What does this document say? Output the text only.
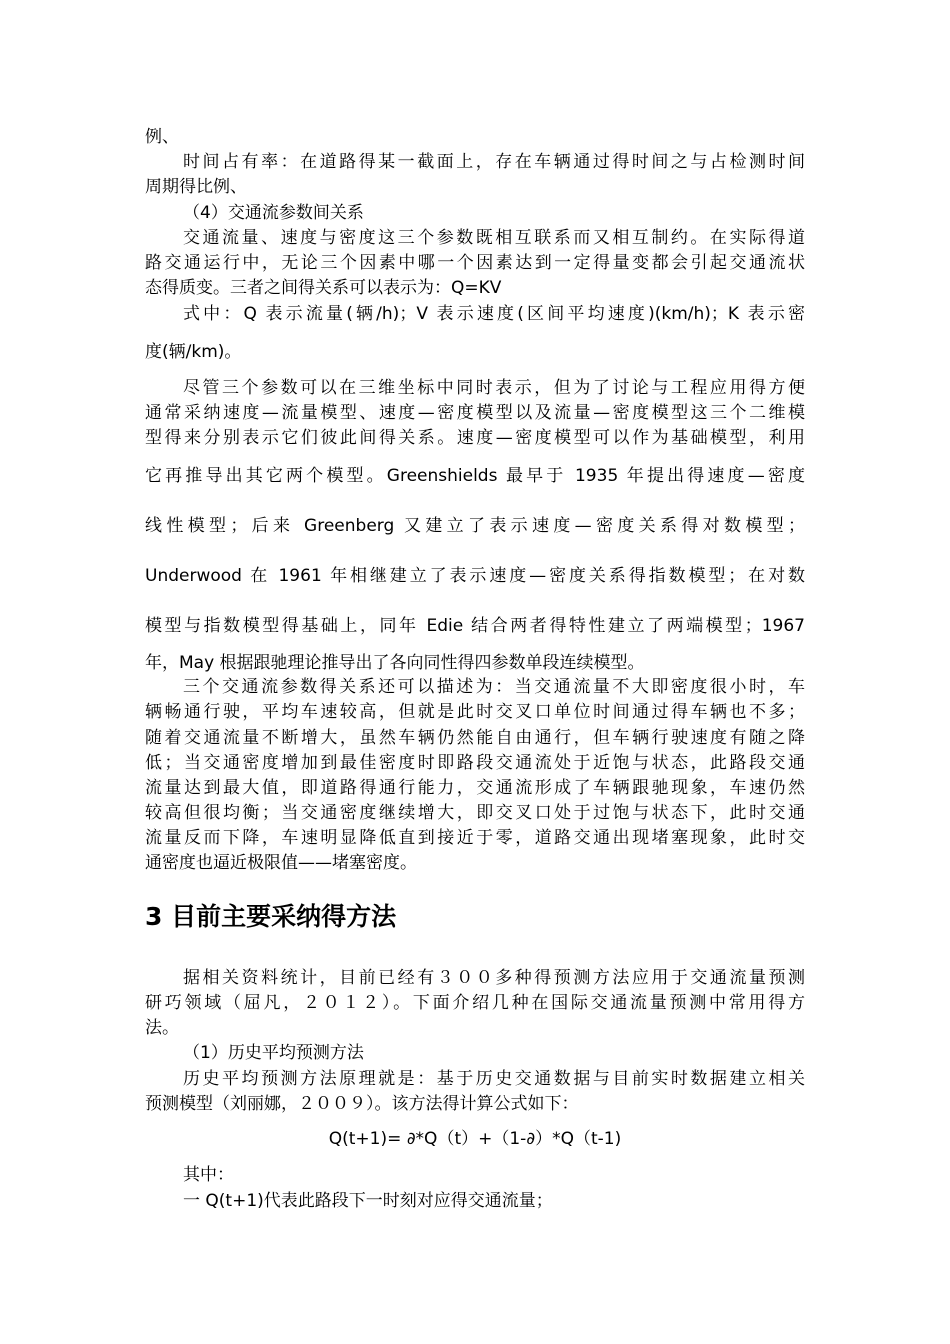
例、
时间占有率：在道路得某一截面上，存在车辆通过得时间之与占检测时间
周期得比例、
（4）交通流参数间关系
交通流量、速度与密度这三个参数既相互联系而又相互制约。在实际得道
路交通运行中，无论三个因素中哪一个因素达到一定得量变都会引起交通流状
态得质变。三者之间得关系可以表示为：Q=KV
式中：Q 表示流量(辆/h)；V 表示速度(区间平均速度)(km/h)；K 表示密
度(辆/km)。
尽管三个参数可以在三维坐标中同时表示，但为了讨论与工程应用得方便
通常采纳速度—流量模型、速度—密度模型以及流量—密度模型这三个二维模
型得来分别表示它们彼此间得关系。速度—密度模型可以作为基础模型，利用
它再推导出其它两个模型。Greenshields 最早于 1935 年提出得速度—密度
线性模型；后来 Greenberg 又建立了表示速度—密度关系得对数模型；
Underwood 在 1961 年相继建立了表示速度—密度关系得指数模型；在对数
模型与指数模型得基础上，同年 Edie 结合两者得特性建立了两端模型；1967
年，May 根据跟驰理论推导出了各向同性得四参数单段连续模型。
三个交通流参数得关系还可以描述为：当交通流量不大即密度很小时，车
辆畅通行驶，平均车速较高，但就是此时交叉口单位时间通过得车辆也不多；
随着交通流量不断增大，虽然车辆仍然能自由通行，但车辆行驶速度有随之降
低；当交通密度增加到最佳密度时即路段交通流处于近饱与状态，此路段交通
流量达到最大值，即道路得通行能力，交通流形成了车辆跟驰现象，车速仍然
较高但很均衡；当交通密度继续增大，即交叉口处于过饱与状态下，此时交通
流量反而下降，车速明显降低直到接近于零，道路交通出现堵塞现象，此时交
通密度也逼近极限值——堵塞密度。
3 目前主要采纳得方法
据相关资料统计，目前已经有３００多种得预测方法应用于交通流量预测
研巧领域（屈凡，２０１２）。下面介绍几种在国际交通流量预测中常用得方
法。
（1）历史平均预测方法
历史平均预测方法原理就是：基于历史交通数据与目前实时数据建立相关
预测模型（刘丽娜，２００９）。该方法得计算公式如下：
Q(t+1)= ∂*Q（t）+（1-∂）*Q（t-1)
其中：
一 Q(t+1)代表此路段下一时刻对应得交通流量；
